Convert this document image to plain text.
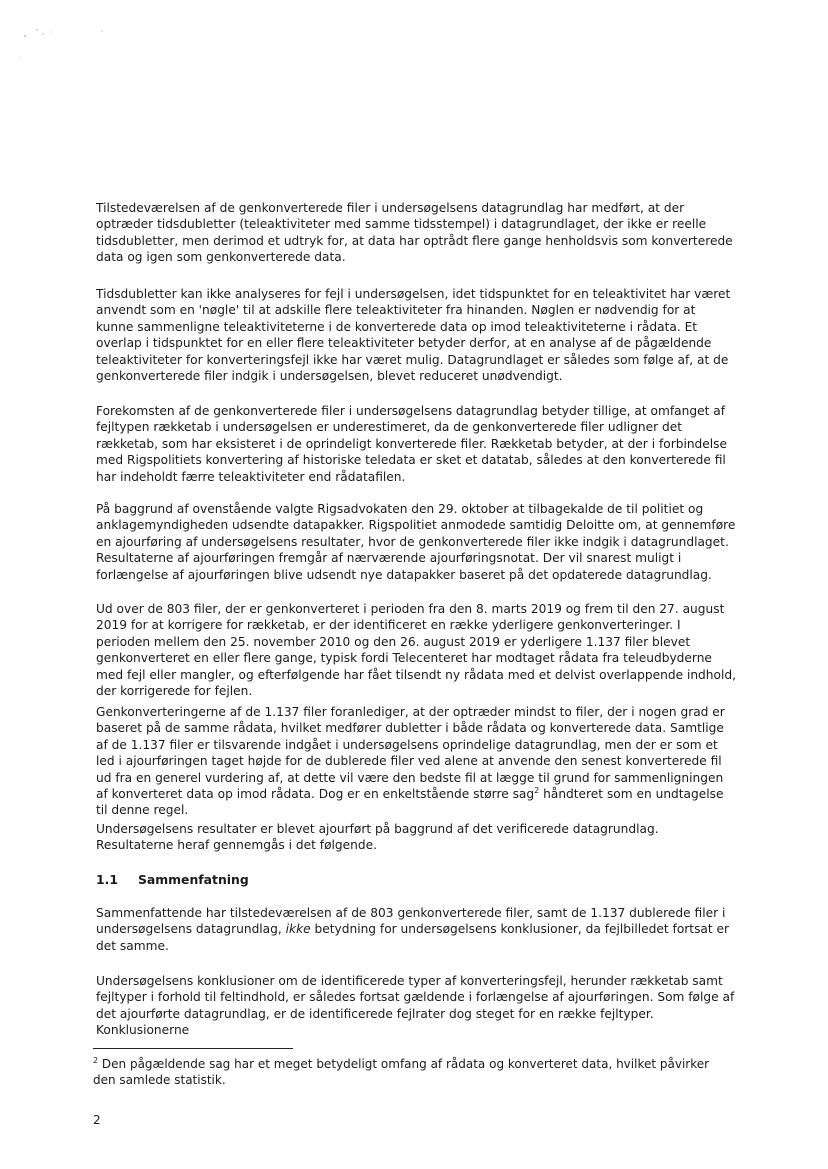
Tilstedeværelsen af de genkonverterede filer i undersøgelsens datagrundlag har medført, at der optræder tidsdubletter (teleaktiviteter med samme tidsstempel) i datagrundlaget, der ikke er reelle tidsdubletter, men derimod et udtryk for, at data har optrådt flere gange henholdsvis som konverterede data og igen som genkonverterede data.

Tidsdubletter kan ikke analyseres for fejl i undersøgelsen, idet tidspunktet for en teleaktivitet har været anvendt som en 'nøgle' til at adskille flere teleaktiviteter fra hinanden. Nøglen er nødvendig for at kunne sammenligne teleaktiviteterne i de konverterede data op imod teleaktiviteterne i rådata. Et overlap i tidspunktet for en eller flere teleaktiviteter betyder derfor, at en analyse af de pågældende teleaktiviteter for konverteringsfejl ikke har været mulig. Datagrundlaget er således som følge af, at de genkonverterede filer indgik i undersøgelsen, blevet reduceret unødvendigt.

Forekomsten af de genkonverterede filer i undersøgelsens datagrundlag betyder tillige, at omfanget af fejltypen rækketab i undersøgelsen er underestimeret, da de genkonverterede filer udligner det rækketab, som har eksisteret i de oprindeligt konverterede filer. Rækketab betyder, at der i forbindelse med Rigspolitiets konvertering af historiske teledata er sket et datatab, således at den konverterede fil har indeholdt færre teleaktiviteter end rådatafilen.

På baggrund af ovenstående valgte Rigsadvokaten den 29. oktober at tilbagekalde de til politiet og anklagemyndigheden udsendte datapakker. Rigspolitiet anmodede samtidig Deloitte om, at gennemføre en ajourføring af undersøgelsens resultater, hvor de genkonverterede filer ikke indgik i datagrundlaget. Resultaterne af ajourføringen fremgår af nærværende ajourføringsnotat. Der vil snarest muligt i forlængelse af ajourføringen blive udsendt nye datapakker baseret på det opdaterede datagrundlag.

Ud over de 803 filer, der er genkonverteret i perioden fra den 8. marts 2019 og frem til den 27. august 2019 for at korrigere for rækketab, er der identificeret en række yderligere genkonverteringer. I perioden mellem den 25. november 2010 og den 26. august 2019 er yderligere 1.137 filer blevet genkonverteret en eller flere gange, typisk fordi Telecenteret har modtaget rådata fra teleudbyderne med fejl eller mangler, og efterfølgende har fået tilsendt ny rådata med et delvist overlappende indhold, der korrigerede for fejlen.

Genkonverteringerne af de 1.137 filer foranlediger, at der optræder mindst to filer, der i nogen grad er baseret på de samme rådata, hvilket medfører dubletter i både rådata og konverterede data. Samtlige af de 1.137 filer er tilsvarende indgået i undersøgelsens oprindelige datagrundlag, men der er som et led i ajourføringen taget højde for de dublerede filer ved alene at anvende den senest konverterede fil ud fra en generel vurdering af, at dette vil være den bedste fil at lægge til grund for sammenligningen af konverteret data op imod rådata. Dog er en enkeltstående større sag$^2$ håndteret som en undtagelse til denne regel.

Undersøgelsens resultater er blevet ajourført på baggrund af det verificerede datagrundlag. Resultaterne heraf gennemgås i det følgende.

1.1 Sammenfatning

Sammenfattende har tilstedeværelsen af de 803 genkonverterede filer, samt de 1.137 dublerede filer i undersøgelsens datagrundlag, ikke betydning for undersøgelsens konklusioner, da fejlbilledet fortsat er det samme.

Undersøgelsens konklusioner om de identificerede typer af konverteringsfejl, herunder rækketab samt fejltyper i forhold til feltindhold, er således fortsat gældende i forlængelse af ajourføringen. Som følge af det ajourførte datagrundlag, er de identificerede fejlrater dog steget for en række fejltyper. Konklusionerne

$^2$ Den pågældende sag har et meget betydeligt omfang af rådata og konverteret data, hvilket påvirker den samlede statistik.

2
